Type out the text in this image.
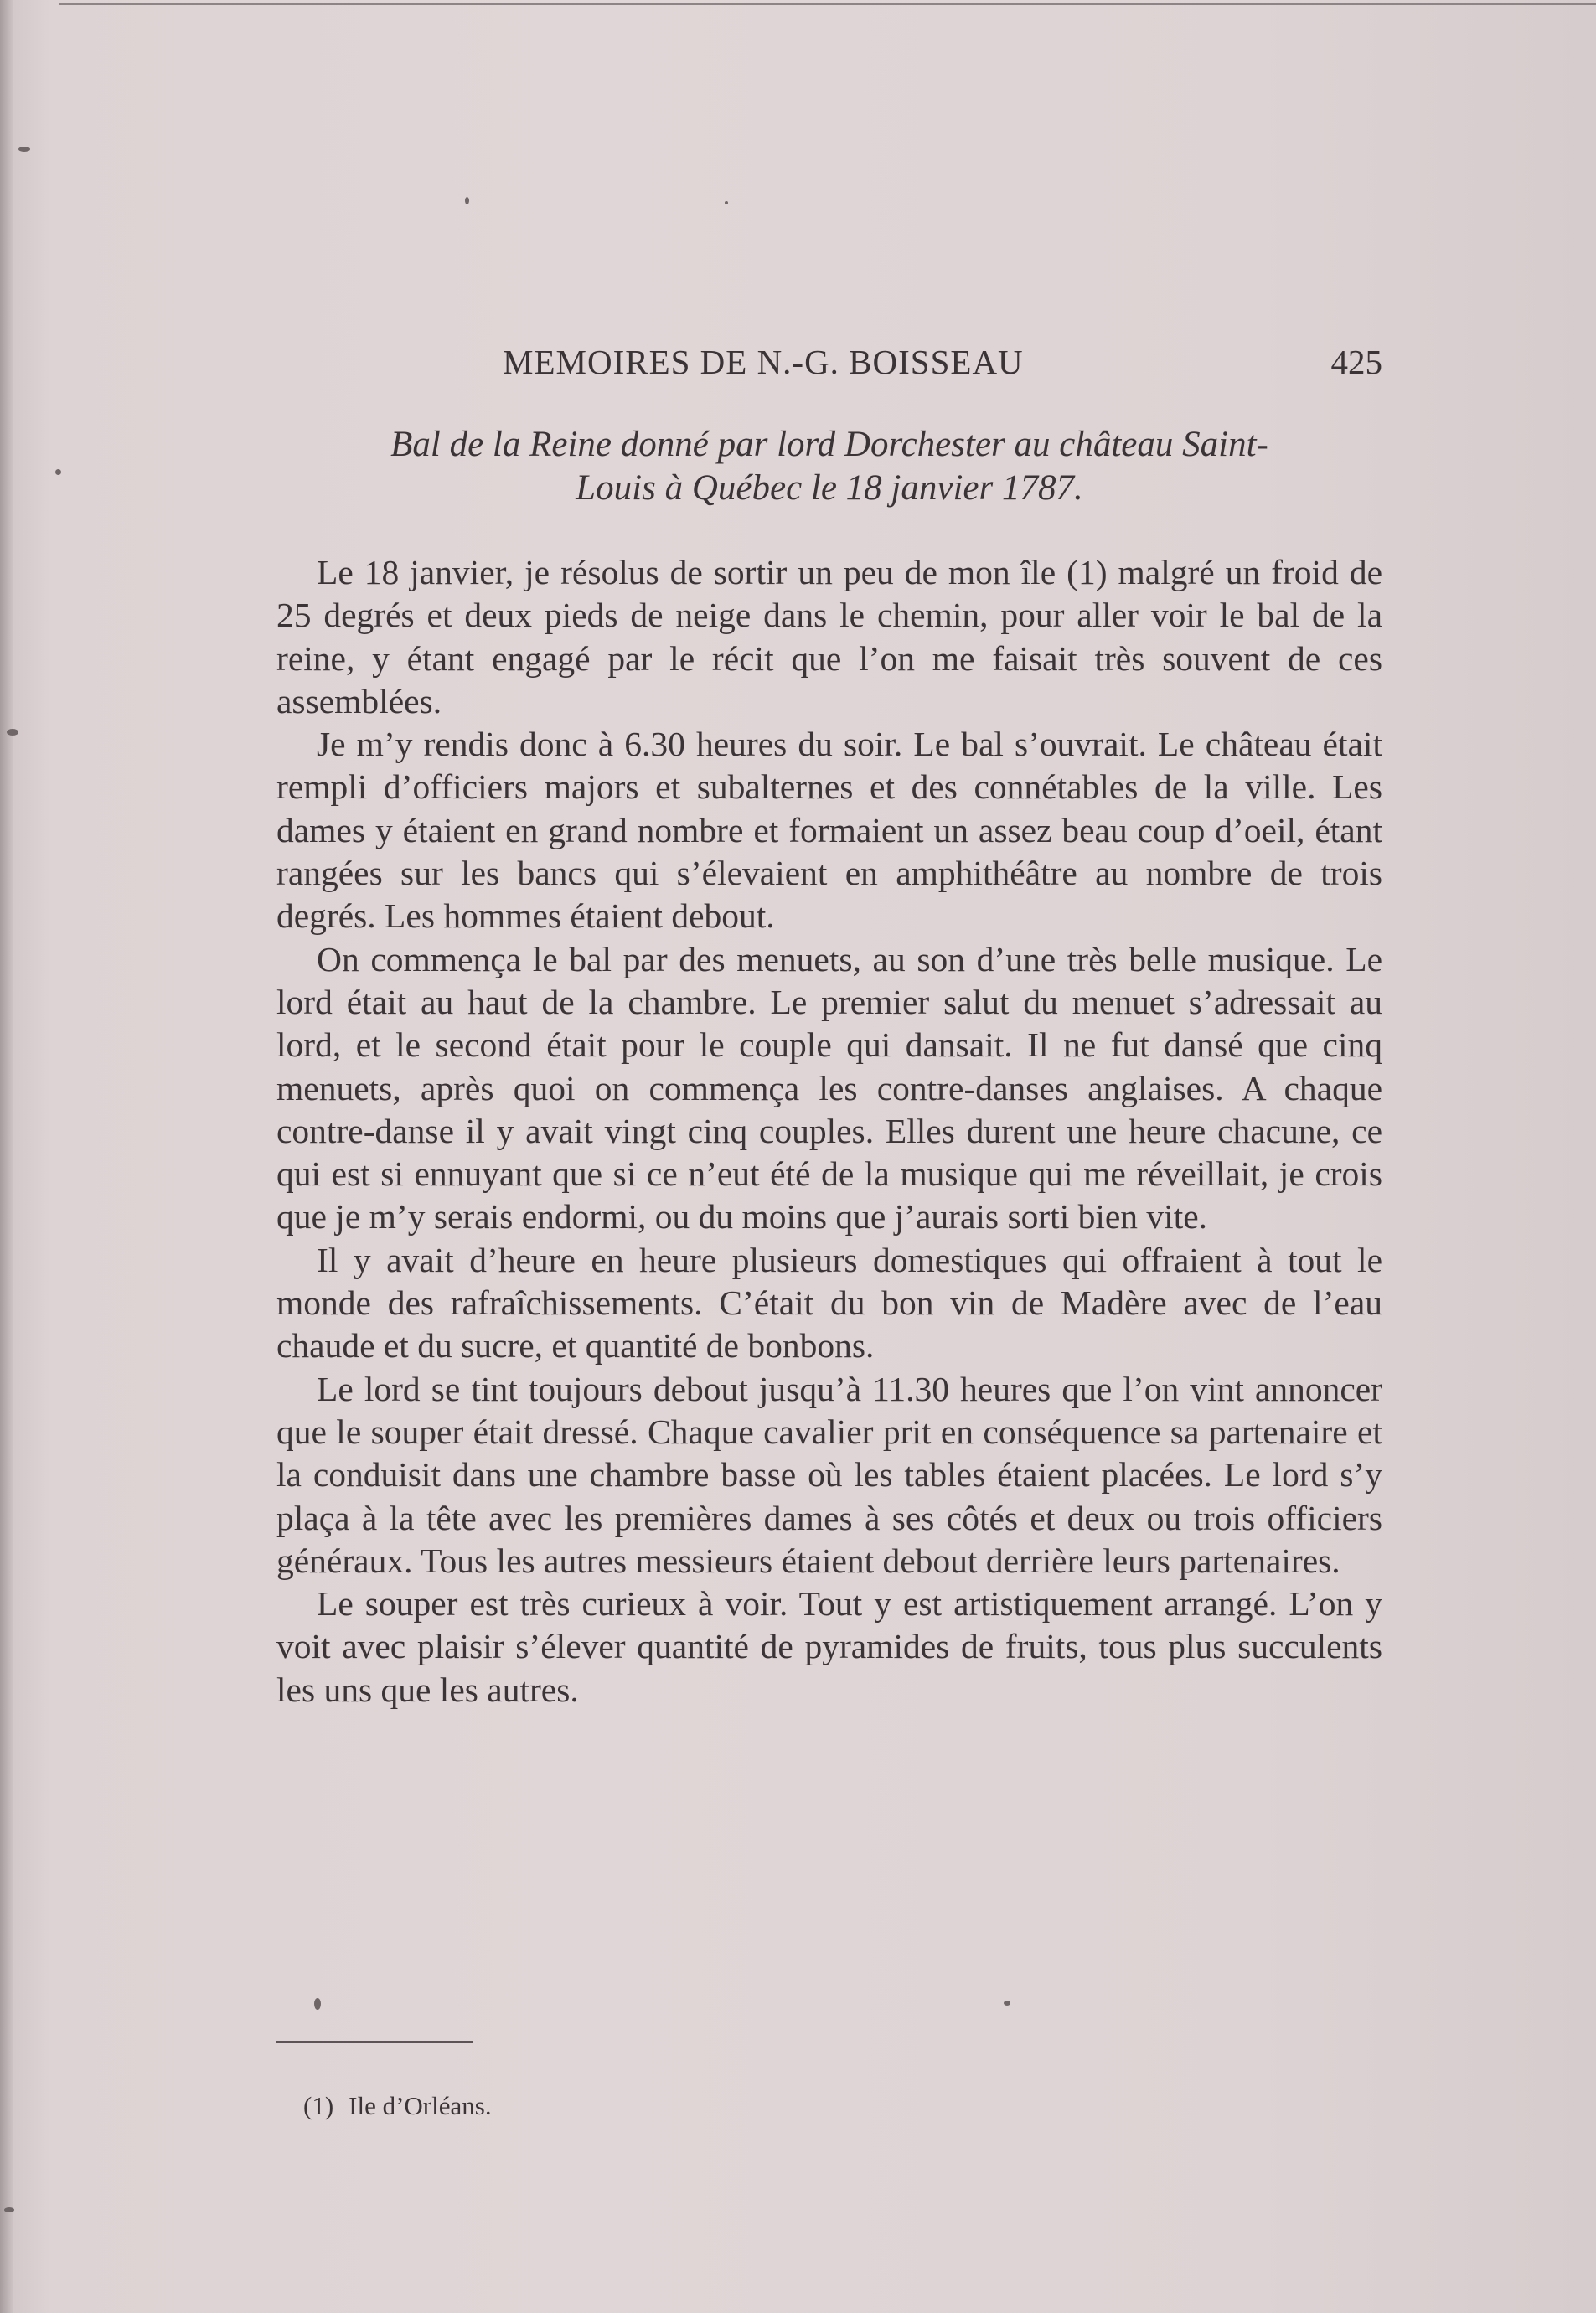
MEMOIRES DE N.-G. BOISSEAU	425
Bal de la Reine donné par lord Dorchester au château Saint-
Louis à Québec le 18 janvier 1787.

Le 18 janvier, je résolus de sortir un peu de mon île (1) malgré un froid de 25 degrés et deux pieds de neige dans le chemin, pour aller voir le bal de la reine, y étant engagé par le récit que l’on me faisait très souvent de ces assemblées.

Je m’y rendis donc à 6.30 heures du soir. Le bal s’ouvrait. Le château était rempli d’officiers majors et subalternes et des connétables de la ville. Les dames y étaient en grand nombre et formaient un assez beau coup d’oeil, étant rangées sur les bancs qui s’élevaient en amphithéâtre au nombre de trois degrés. Les hommes étaient debout.

On commença le bal par des menuets, au son d’une très belle musique. Le lord était au haut de la chambre. Le premier salut du menuet s’adressait au lord, et le second était pour le couple qui dansait. Il ne fut dansé que cinq menuets, après quoi on commença les contre-danses anglaises. A chaque contre-danse il y avait vingt cinq couples. Elles durent une heure chacune, ce qui est si ennuyant que si ce n’eut été de la musique qui me réveillait, je crois que je m’y serais endormi, ou du moins que j’aurais sorti bien vite.

Il y avait d’heure en heure plusieurs domestiques qui offraient à tout le monde des rafraîchissements. C’était du bon vin de Madère avec de l’eau chaude et du sucre, et quantité de bonbons.

Le lord se tint toujours debout jusqu’à 11.30 heures que l’on vint annoncer que le souper était dressé. Chaque cavalier prit en conséquence sa partenaire et la conduisit dans une chambre basse où les tables étaient placées. Le lord s’y plaça à la tête avec les premières dames à ses côtés et deux ou trois officiers généraux. Tous les autres messieurs étaient debout derrière leurs partenaires.

Le souper est très curieux à voir. Tout y est artistiquement arrangé. L’on y voit avec plaisir s’élever quantité de pyramides de fruits, tous plus succulents les uns que les autres.

(1) Ile d’Orléans.
